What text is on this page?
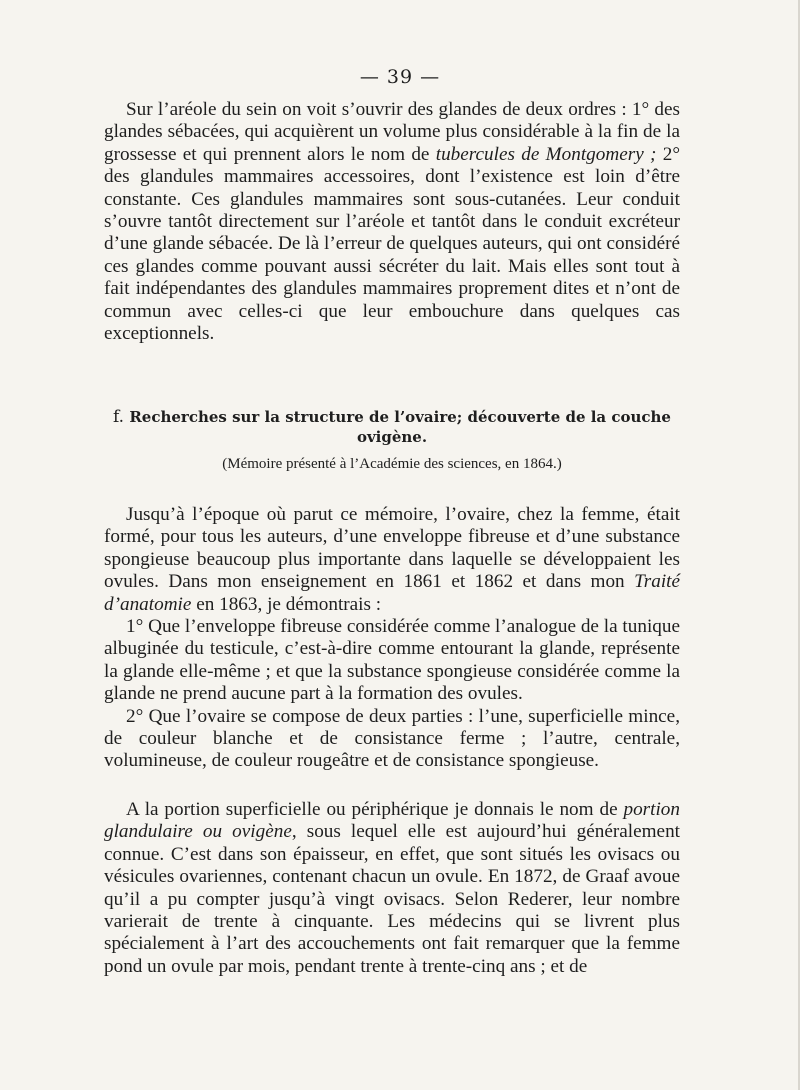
— 39 —

Sur l’aréole du sein on voit s’ouvrir des glandes de deux ordres : 1° des glandes sébacées, qui acquièrent un volume plus considérable à la fin de la grossesse et qui prennent alors le nom de tubercules de Montgomery ; 2° des glandules mammaires accessoires, dont l’existence est loin d’être constante. Ces glandules mammaires sont sous-cutanées. Leur conduit s’ouvre tantôt directement sur l’aréole et tantôt dans le conduit excréteur d’une glande sébacée. De là l’erreur de quelques auteurs, qui ont considéré ces glandes comme pouvant aussi sécréter du lait. Mais elles sont tout à fait indépendantes des glandules mammaires proprement dites et n’ont de commun avec celles-ci que leur embouchure dans quelques cas exceptionnels.

f. Recherches sur la structure de l’ovaire; découverte de la couche ovigène.
(Mémoire présenté à l’Académie des sciences, en 1864.)

Jusqu’à l’époque où parut ce mémoire, l’ovaire, chez la femme, était formé, pour tous les auteurs, d’une enveloppe fibreuse et d’une substance spongieuse beaucoup plus importante dans laquelle se développaient les ovules. Dans mon enseignement en 1861 et 1862 et dans mon Traité d’anatomie en 1863, je démontrais :

1° Que l’enveloppe fibreuse considérée comme l’analogue de la tunique albuginée du testicule, c’est-à-dire comme entourant la glande, représente la glande elle-même ; et que la substance spongieuse considérée comme la glande ne prend aucune part à la formation des ovules.

2° Que l’ovaire se compose de deux parties : l’une, superficielle mince, de couleur blanche et de consistance ferme ; l’autre, centrale, volumineuse, de couleur rougeâtre et de consistance spongieuse.

A la portion superficielle ou périphérique je donnais le nom de portion glandulaire ou ovigène, sous lequel elle est aujourd’hui généralement connue. C’est dans son épaisseur, en effet, que sont situés les ovisacs ou vésicules ovariennes, contenant chacun un ovule. En 1872, de Graaf avoue qu’il a pu compter jusqu’à vingt ovisacs. Selon Rederer, leur nombre varierait de trente à cinquante. Les médecins qui se livrent plus spécialement à l’art des accouchements ont fait remarquer que la femme pond un ovule par mois, pendant trente à trente-cinq ans ; et de
